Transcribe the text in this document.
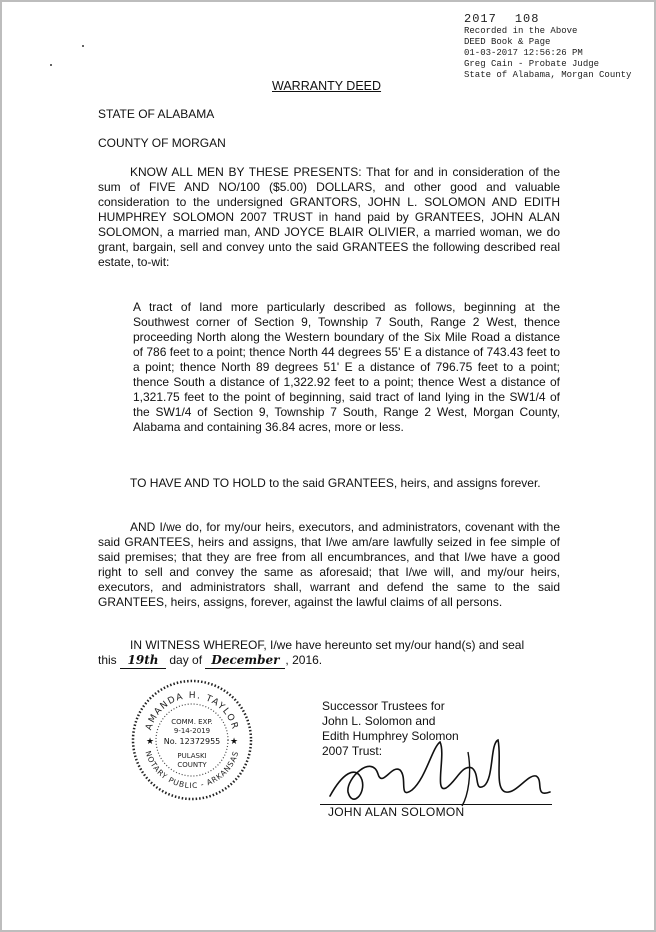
2017 108
Recorded in the Above
DEED Book & Page
01-03-2017 12:56:26 PM
Greg Cain - Probate Judge
State of Alabama, Morgan County
WARRANTY DEED
STATE OF ALABAMA
COUNTY OF MORGAN
KNOW ALL MEN BY THESE PRESENTS: That for and in consideration of the sum of FIVE AND NO/100 ($5.00) DOLLARS, and other good and valuable consideration to the undersigned GRANTORS, JOHN L. SOLOMON AND EDITH HUMPHREY SOLOMON 2007 TRUST in hand paid by GRANTEES, JOHN ALAN SOLOMON, a married man, AND JOYCE BLAIR OLIVIER, a married woman, we do grant, bargain, sell and convey unto the said GRANTEES the following described real estate, to-wit:
A tract of land more particularly described as follows, beginning at the Southwest corner of Section 9, Township 7 South, Range 2 West, thence proceeding North along the Western boundary of the Six Mile Road a distance of 786 feet to a point; thence North 44 degrees 55' E a distance of 743.43 feet to a point; thence North 89 degrees 51' E a distance of 796.75 feet to a point; thence South a distance of 1,322.92 feet to a point; thence West a distance of 1,321.75 feet to the point of beginning, said tract of land lying in the SW1/4 of the SW1/4 of Section 9, Township 7 South, Range 2 West, Morgan County, Alabama and containing 36.84 acres, more or less.
TO HAVE AND TO HOLD to the said GRANTEES, heirs, and assigns forever.
AND I/we do, for my/our heirs, executors, and administrators, covenant with the said GRANTEES, heirs and assigns, that I/we am/are lawfully seized in fee simple of said premises; that they are free from all encumbrances, and that I/we have a good right to sell and convey the same as aforesaid; that I/we will, and my/our heirs, executors, and administrators shall, warrant and defend the same to the said GRANTEES, heirs, assigns, forever, against the lawful claims of all persons.
IN WITNESS WHEREOF, I/we have hereunto set my/our hand(s) and seal
this 19th day of December , 2016.
AMANDA H. TAYLOR
NOTARY PUBLIC - ARKANSAS
COMM. EXP.
9-14-2019
No. 12372955
★	★
PULASKI
COUNTY
Successor Trustees for
John L. Solomon and
Edith Humphrey Solomon
2007 Trust:
JOHN ALAN SOLOMON
